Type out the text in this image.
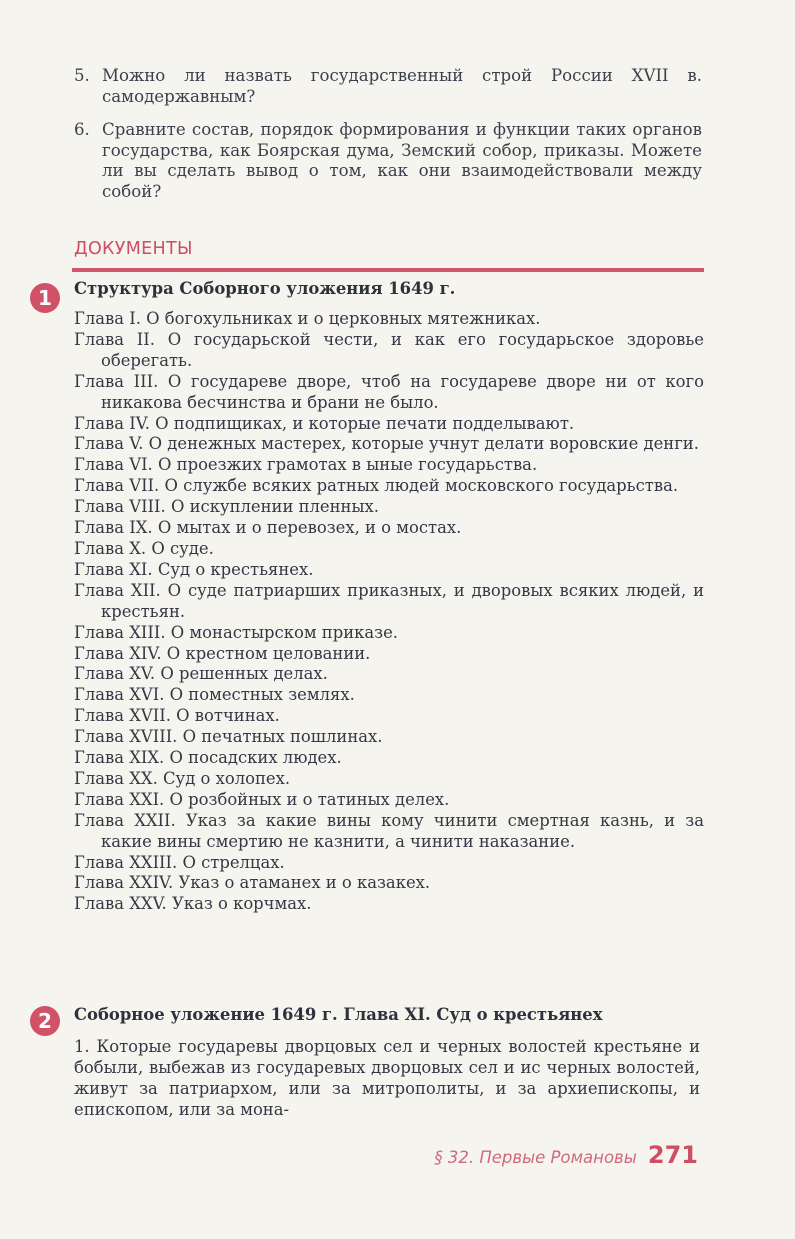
5. Можно ли назвать государственный строй России XVII в. самодержавным?
6. Сравните состав, порядок формирования и функции таких органов государства, как Боярская дума, Земский собор, приказы. Можете ли вы сделать вывод о том, как они взаимодействовали между собой?
ДОКУМЕНТЫ
1	Структура Соборного уложения 1649 г.
Глава I. О богохульниках и о церковных мятежниках.
Глава II. О государьской чести, и как его государьское здоровье оберегать.
Глава III. О государеве дворе, чтоб на государеве дворе ни от кого никакова бесчинства и брани не было.
Глава IV. О подпищиках, и которые печати подделывают.
Глава V. О денежных мастерех, которые учнут делати воровские денги.
Глава VI. О проезжих грамотах в ыные государьства.
Глава VII. О службе всяких ратных людей московского государьства.
Глава VIII. О искуплении пленных.
Глава IX. О мытах и о перевозех, и о мостах.
Глава X. О суде.
Глава XI. Суд о крестьянех.
Глава XII. О суде патриарших приказных, и дворовых всяких людей, и крестьян.
Глава XIII. О монастырском приказе.
Глава XIV. О крестном целовании.
Глава XV. О решенных делах.
Глава XVI. О поместных землях.
Глава XVII. О вотчинах.
Глава XVIII. О печатных пошлинах.
Глава XIX. О посадских людех.
Глава XX. Суд о холопех.
Глава XXI. О розбойных и о татиных делех.
Глава XXII. Указ за какие вины кому чинити смертная казнь, и за какие вины смертию не казнити, а чинити наказание.
Глава XXIII. О стрелцах.
Глава XXIV. Указ о атаманех и о казакех.
Глава XXV. Указ о корчмах.
2	Соборное уложение 1649 г. Глава XI. Суд о крестьянех
1. Которые государевы дворцовых сел и черных волостей крестьяне и бобыли, выбежав из государевых дворцовых сел и ис черных волостей, живут за патриархом, или за митрополиты, и за архиепископы, и епископом, или за мона-
§ 32. Первые Романовы 271
